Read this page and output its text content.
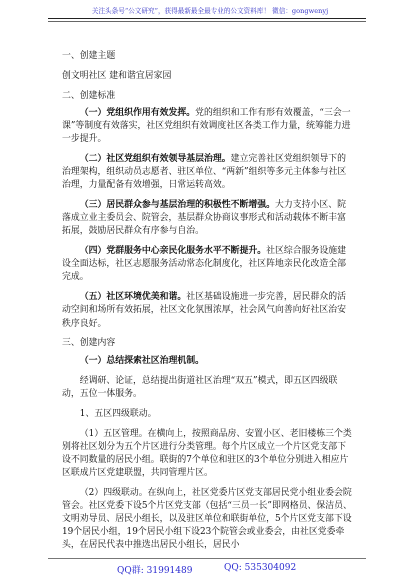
关注头条号“公文研究”，获得最新最全最专业的公文资料库！ 微信：gongwenyj

一、创建主题

创文明社区 建和谐宜居家园

二、创建标准

（一）党组织作用有效发挥。党的组织和工作有形有效覆盖，“三会一课”等制度有效落实，社区党组织有效调度社区各类工作力量，统筹能力进一步提升。

（二）社区党组织有效领导基层治理。建立完善社区党组织领导下的治理架构，组织动员志愿者、驻区单位、“两新”组织等多元主体参与社区治理，力量配备有效增强，日常运转高效。

（三）居民群众参与基层治理的积极性不断增强。大力支持小区、院落成立业主委员会、院管会，基层群众协商议事形式和活动载体不断丰富拓展，鼓励居民群众有序参与自治。

（四）党群服务中心亲民化服务水平不断提升。社区综合服务设施建设全面达标，社区志愿服务活动常态化制度化，社区阵地亲民化改造全部完成。

（五）社区环境优美和谐。社区基础设施进一步完善，居民群众的活动空间和场所有效拓展，社区文化氛围浓厚，社会风气向善向好社区治安秩序良好。

三、创建内容

（一）总结探索社区治理机制。

经调研、论证，总结提出街道社区治理“双五”模式，即五区四级联动，五位一体服务。

1、五区四级联动。

（1）五区管理。在横向上，按照商品房、安置小区、老旧楼栋三个类别将社区划分为五个片区进行分类管理。每个片区成立一个片区党支部下设不同数量的居民小组。联街的7个单位和驻区的3个单位分别进入相应片区联成片区党建联盟，共同管理片区。

（2）四级联动。在纵向上，社区党委片区党支部居民党小组业委会院管会。社区党委下设5个片区党支部（包括“三员一长”即网格员、保洁员、文明劝导员、居民小组长，以及驻区单位和联街单位，5个片区党支部下设19个居民小组，19个居民小组下设23个院管会或业委会，由社区党委牵头，在居民代表中推选出居民小组长，居民小

QQ群: 31991489	QQ: 535304092
